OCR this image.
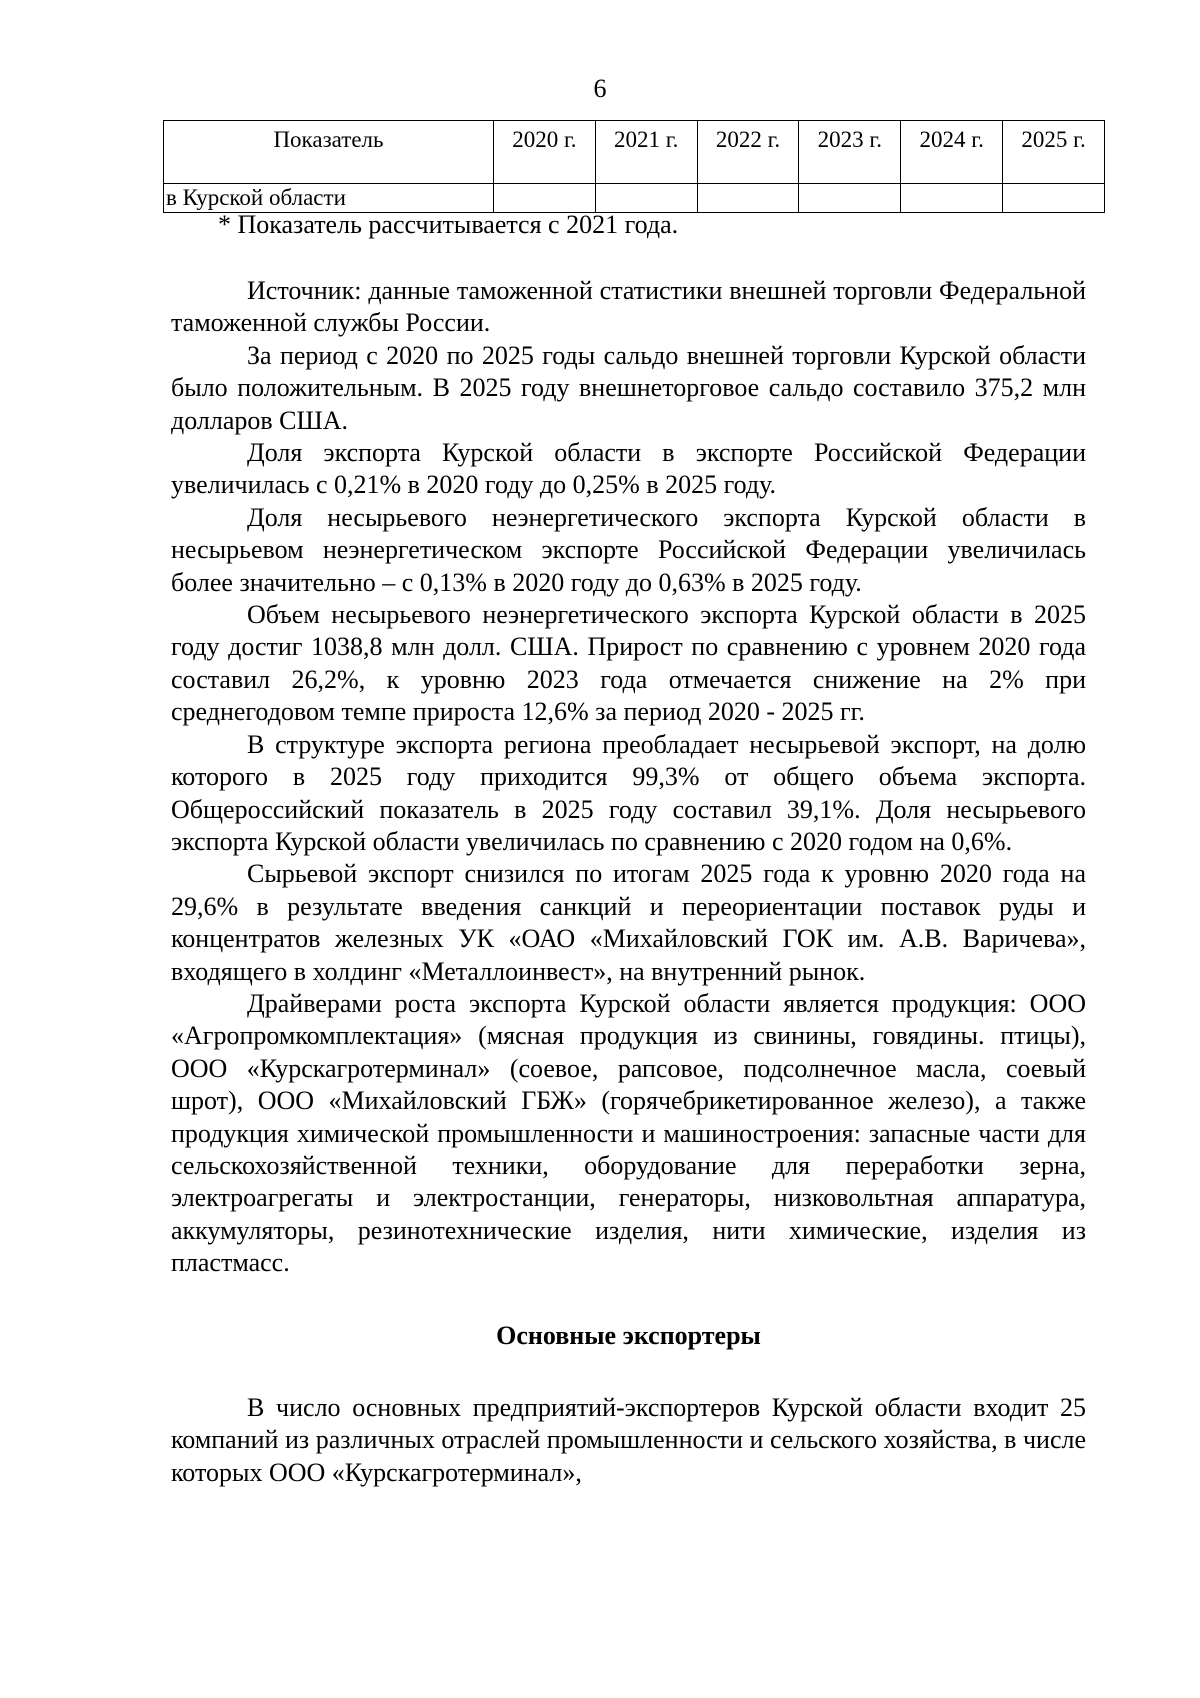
6
Показатель	2020 г.	2021 г.	2022 г.	2023 г.	2024 г.	2025 г.
в Курской области						
* Показатель рассчитывается с 2021 года.

Источник: данные таможенной статистики внешней торговли Федеральной таможенной службы России.

За период с 2020 по 2025 годы сальдо внешней торговли Курской области было положительным. В 2025 году внешнеторговое сальдо составило 375,2 млн долларов США.

Доля экспорта Курской области в экспорте Российской Федерации увеличилась с 0,21% в 2020 году до 0,25% в 2025 году.

Доля несырьевого неэнергетического экспорта Курской области в несырьевом неэнергетическом экспорте Российской Федерации увеличилась более значительно – с 0,13% в 2020 году до 0,63% в 2025 году.

Объем несырьевого неэнергетического экспорта Курской области в 2025 году достиг 1038,8 млн долл. США. Прирост по сравнению с уровнем 2020 года составил 26,2%, к уровню 2023 года отмечается снижение на 2% при среднегодовом темпе прироста 12,6% за период 2020 - 2025 гг.

В структуре экспорта региона преобладает несырьевой экспорт, на долю которого в 2025 году приходится 99,3% от общего объема экспорта. Общероссийский показатель в 2025 году составил 39,1%. Доля несырьевого экспорта Курской области увеличилась по сравнению с 2020 годом на 0,6%.

Сырьевой экспорт снизился по итогам 2025 года к уровню 2020 года на 29,6% в результате введения санкций и переориентации поставок руды и концентратов железных УК «ОАО «Михайловский ГОК им. А.В. Варичева», входящего в холдинг «Металлоинвест», на внутренний рынок.

Драйверами роста экспорта Курской области является продукция: ООО «Агропромкомплектация» (мясная продукция из свинины, говядины. птицы), ООО «Курскагротерминал» (соевое, рапсовое, подсолнечное масла, соевый шрот), ООО «Михайловский ГБЖ» (горячебрикетированное железо), а также продукция химической промышленности и машиностроения: запасные части для сельскохозяйственной техники, оборудование для переработки зерна, электроагрегаты и электростанции, генераторы, низковольтная аппаратура, аккумуляторы, резинотехнические изделия, нити химические, изделия из пластмасс.

Основные экспортеры

В число основных предприятий-экспортеров Курской области входит 25 компаний из различных отраслей промышленности и сельского хозяйства, в числе которых ООО «Курскагротерминал»,
